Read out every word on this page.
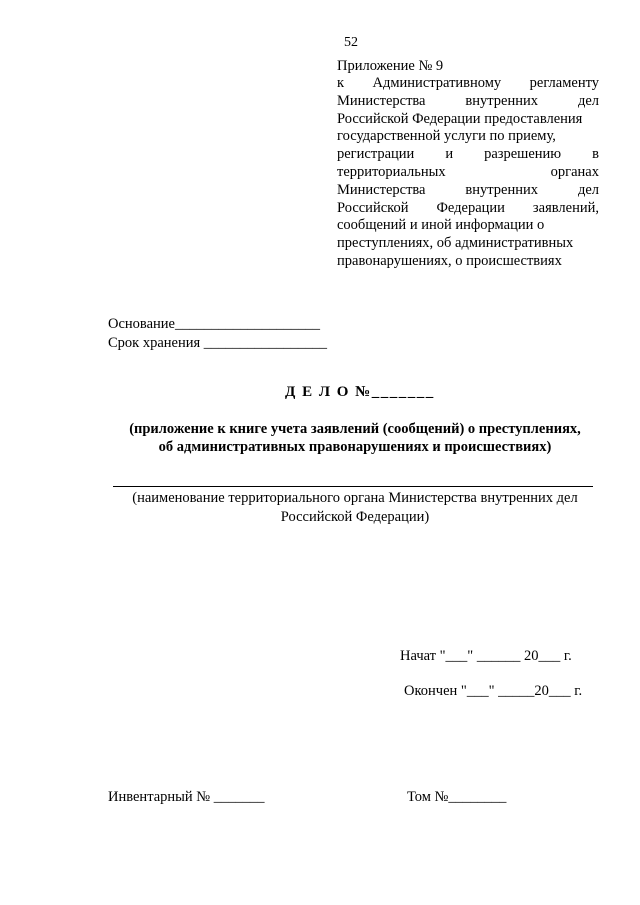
52
Приложение № 9
к Административному регламенту
Министерства	внутренних	дел
Российской Федерации предоставления
государственной услуги по приему,
регистрации и разрешению в
территориальных	органах
Министерства	внутренних	дел
Российской Федерации заявлений,
сообщений и иной информации о
преступлениях, об административных
правонарушениях, о происшествиях
Основание____________________
Срок хранения _________________
Д Е Л О №_______
(приложение к книге учета заявлений (сообщений) о преступлениях,
об административных правонарушениях и происшествиях)
(наименование территориального органа Министерства внутренних дел
Российской Федерации)
Начат "___" ______ 20___ г.
Окончен "___" _____20___ г.
Инвентарный № _______	Том №________
